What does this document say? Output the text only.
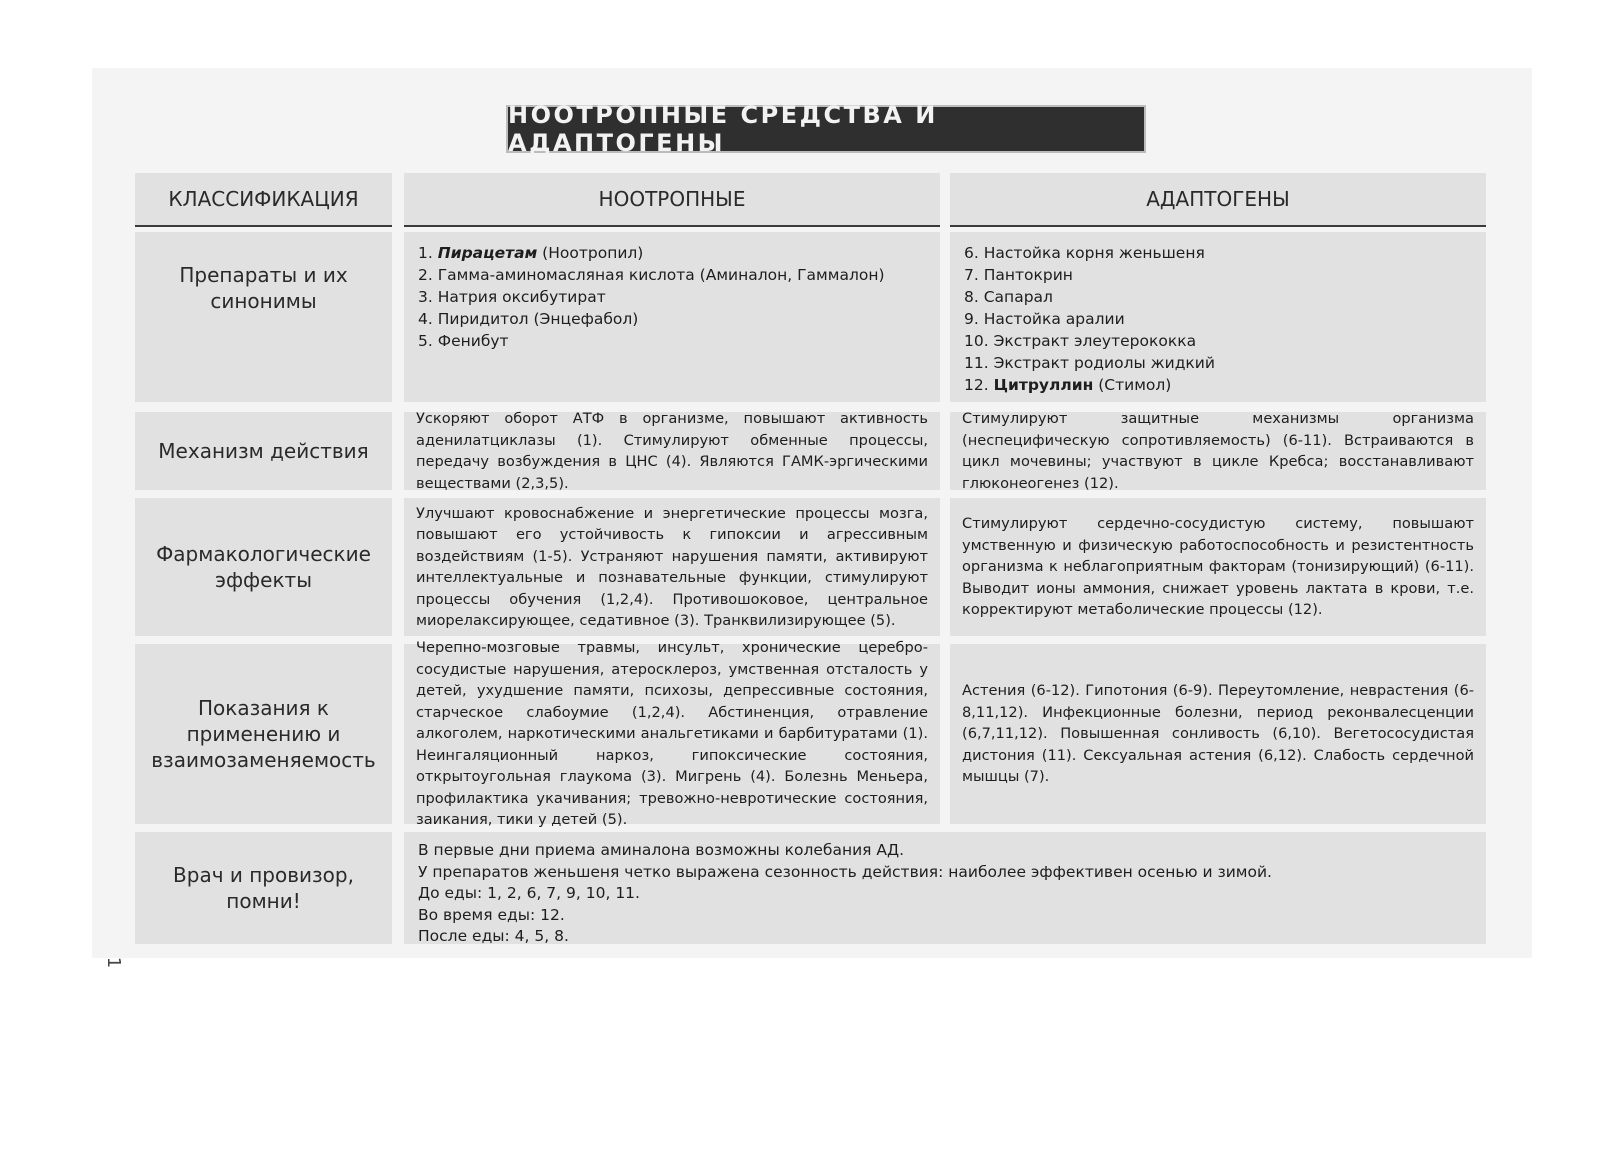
НООТРОПНЫЕ СРЕДСТВА И АДАПТОГЕНЫ
КЛАССИФИКАЦИЯ	НООТРОПНЫЕ	АДАПТОГЕНЫ
Препараты и их синонимы
1. Пирацетам (Ноотропил)
2. Гамма-аминомасляная кислота (Аминалон, Гаммалон)
3. Натрия оксибутират
4. Пиридитол (Энцефабол)
5. Фенибут
6. Настойка корня женьшеня
7. Пантокрин
8. Сапарал
9. Настойка аралии
10. Экстракт элеутерококка
11. Экстракт родиолы жидкий
12. Цитруллин (Стимол)
Механизм действия
Ускоряют оборот АТФ в организме, повышают активность аденилатциклазы (1). Стимулируют обменные процессы, передачу возбуждения в ЦНС (4). Являются ГАМК-эргическими веществами (2,3,5).
Стимулируют защитные механизмы организма (неспецифическую сопротивляемость) (6-11). Встраиваются в цикл мочевины; участвуют в цикле Кребса; восстанавливают глюконеогенез (12).
Фармакологические эффекты
Улучшают кровоснабжение и энергетические процессы мозга, повышают его устойчивость к гипоксии и агрессивным воздействиям (1-5). Устраняют нарушения памяти, активируют интеллектуальные и познавательные функции, стимулируют процессы обучения (1,2,4). Противошоковое, центральное миорелаксирующее, седативное (3). Транквилизирующее (5).
Стимулируют сердечно-сосудистую систему, повышают умственную и физическую работоспособность и резистентность организма к неблагоприятным факторам (тонизирующий) (6-11). Выводит ионы аммония, снижает уровень лактата в крови, т.е. корректируют метаболические процессы (12).
Показания к применению и взаимозаменяемость
Черепно-мозговые травмы, инсульт, хронические церебро-сосудистые нарушения, атеросклероз, умственная отсталость у детей, ухудшение памяти, психозы, депрессивные состояния, старческое слабоумие (1,2,4). Абстиненция, отравление алкоголем, наркотическими анальгетиками и барбитуратами (1). Неингаляционный наркоз, гипоксические состояния, открытоугольная глаукома (3). Мигрень (4). Болезнь Меньера, профилактика укачивания; тревожно-невротические состояния, заикания, тики у детей (5).
Астения (6-12). Гипотония (6-9). Переутомление, неврастения (6-8,11,12). Инфекционные болезни, период реконвалесценции (6,7,11,12). Повышенная сонливость (6,10). Вегетососудистая дистония (11). Сексуальная астения (6,12). Слабость сердечной мышцы (7).
Врач и провизор, помни!
В первые дни приема аминалона возможны колебания АД.
У препаратов женьшеня четко выражена сезонность действия: наиболее эффективен осенью и зимой.
До еды: 1, 2, 6, 7, 9, 10, 11.
Во время еды: 12.
После еды: 4, 5, 8.
1
